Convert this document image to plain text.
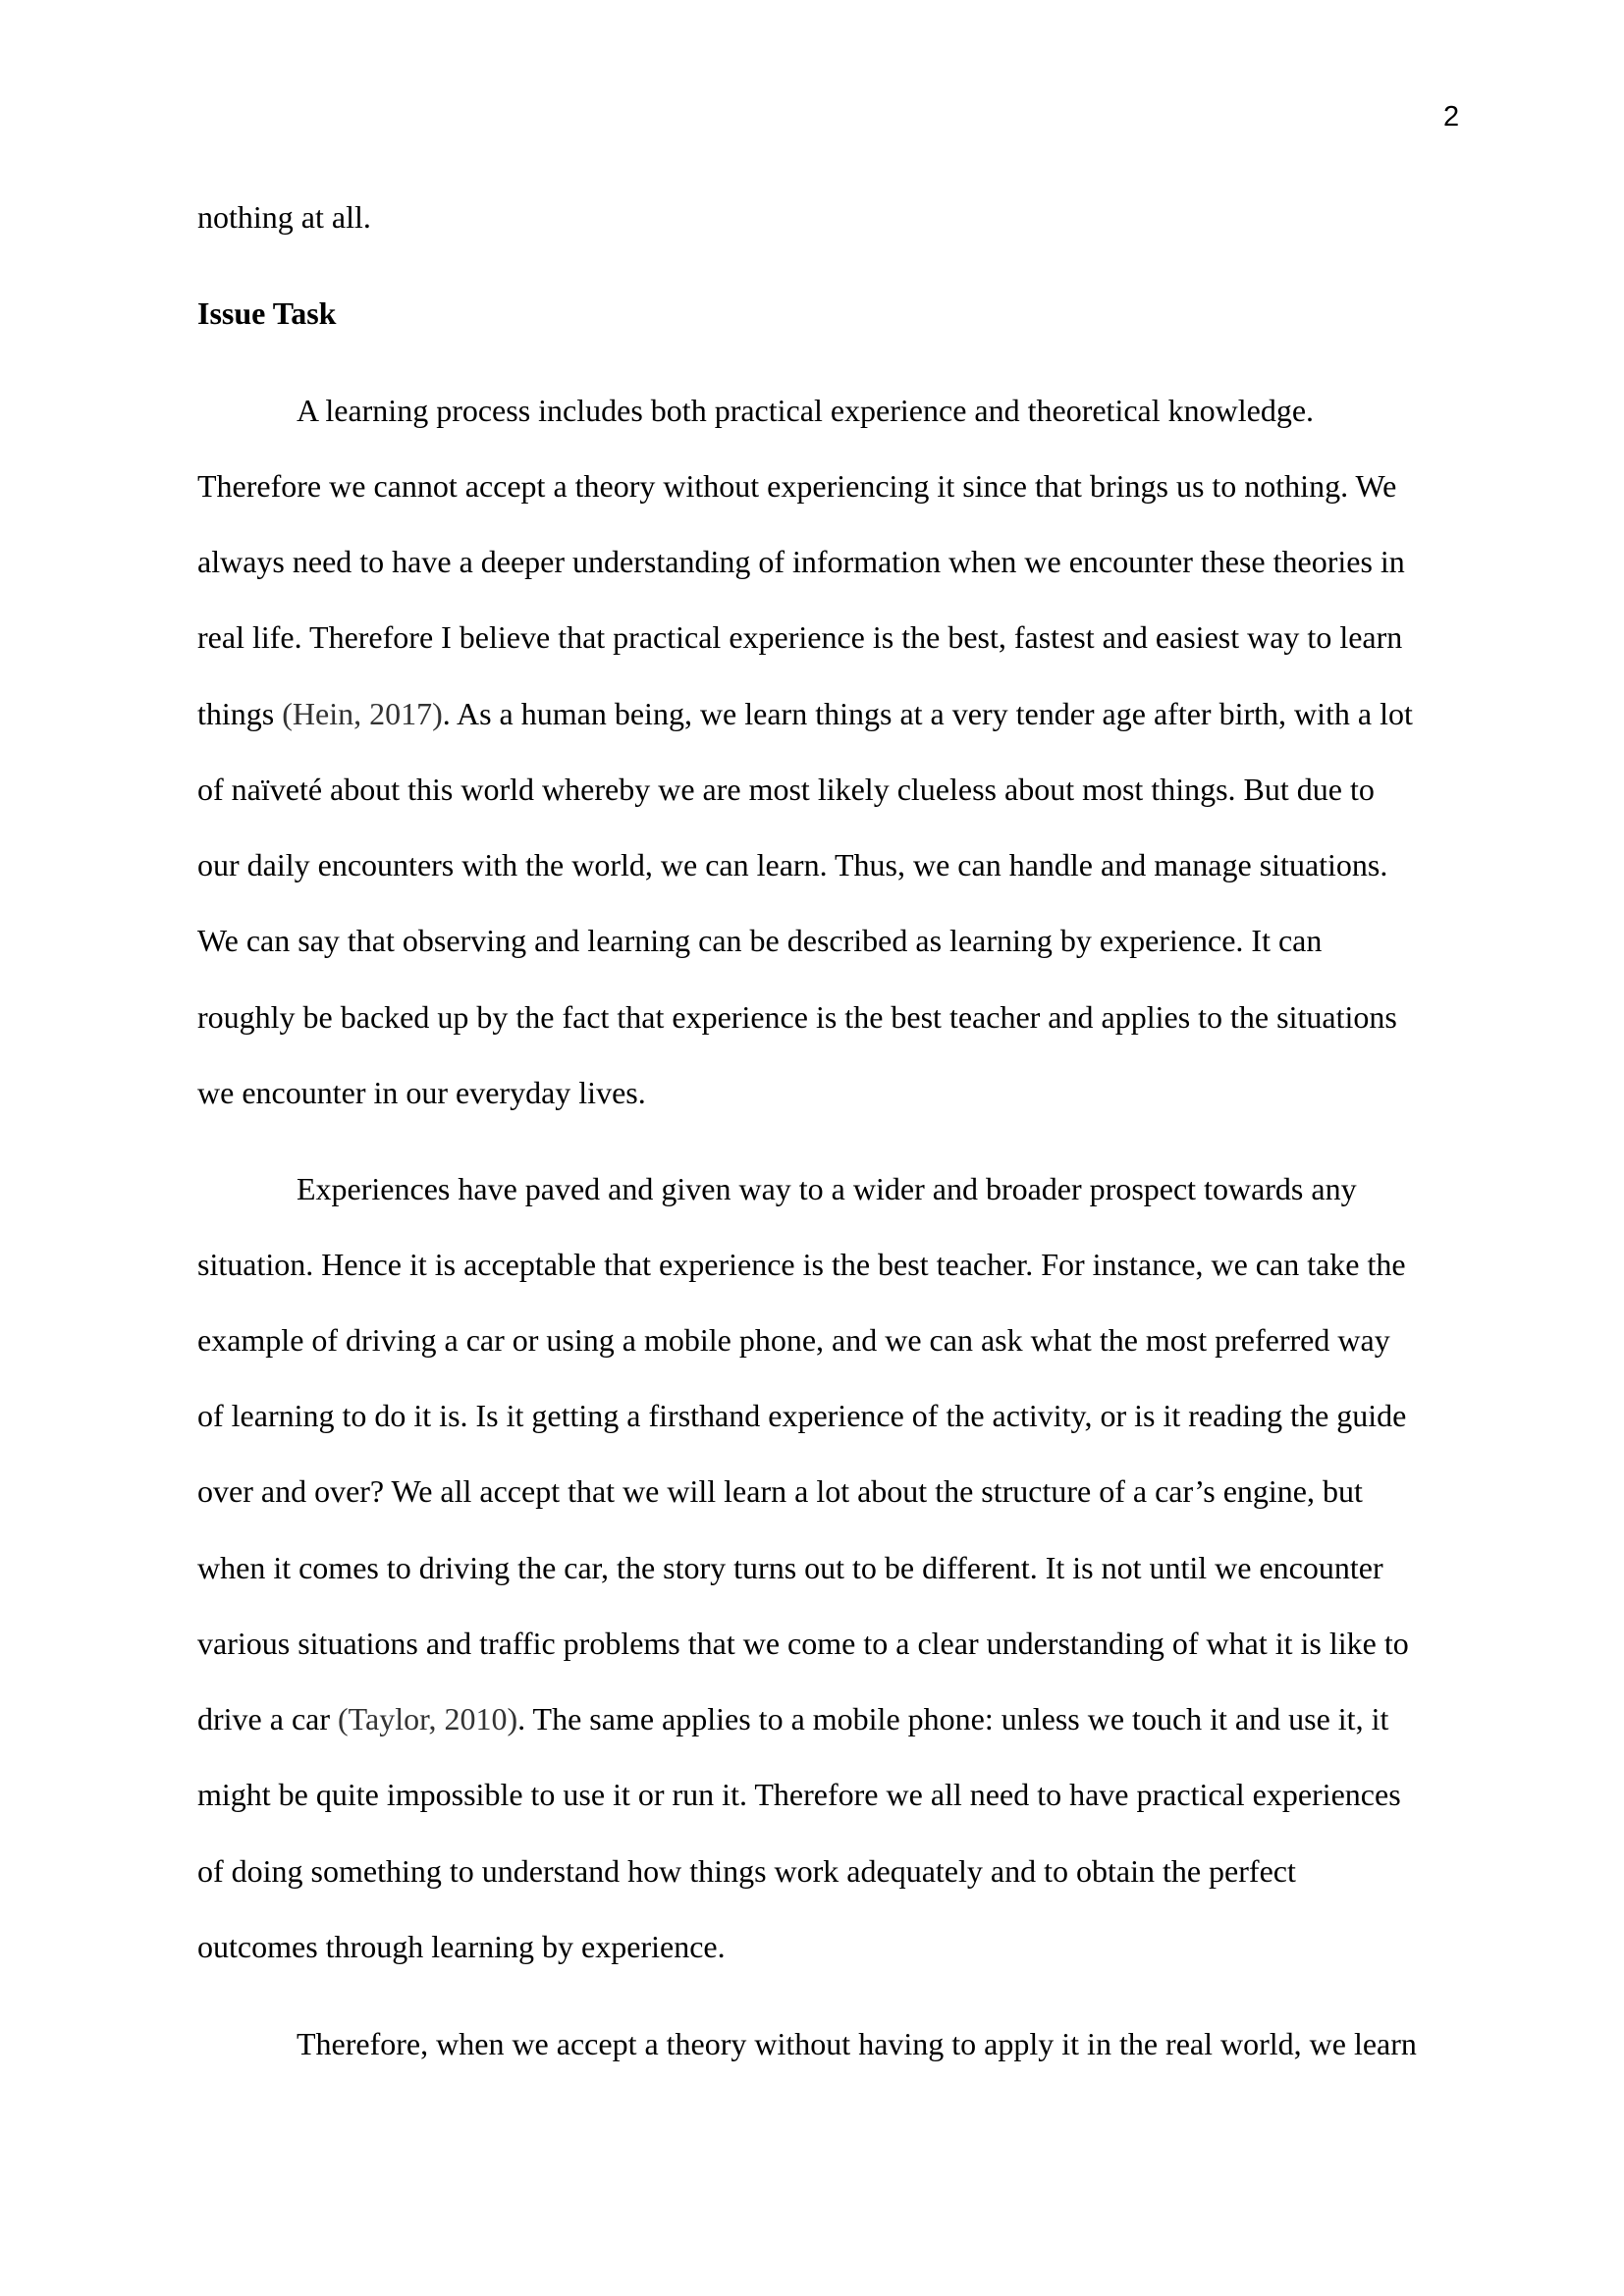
2
nothing at all.
Issue Task
A learning process includes both practical experience and theoretical knowledge.
Therefore we cannot accept a theory without experiencing it since that brings us to nothing. We
always need to have a deeper understanding of information when we encounter these theories in
real life. Therefore I believe that practical experience is the best, fastest and easiest way to learn
things (Hein, 2017). As a human being, we learn things at a very tender age after birth, with a lot
of naïveté about this world whereby we are most likely clueless about most things. But due to
our daily encounters with the world, we can learn. Thus, we can handle and manage situations.
We can say that observing and learning can be described as learning by experience. It can
roughly be backed up by the fact that experience is the best teacher and applies to the situations
we encounter in our everyday lives.
Experiences have paved and given way to a wider and broader prospect towards any
situation. Hence it is acceptable that experience is the best teacher. For instance, we can take the
example of driving a car or using a mobile phone, and we can ask what the most preferred way
of learning to do it is. Is it getting a firsthand experience of the activity, or is it reading the guide
over and over? We all accept that we will learn a lot about the structure of a car’s engine, but
when it comes to driving the car, the story turns out to be different. It is not until we encounter
various situations and traffic problems that we come to a clear understanding of what it is like to
drive a car (Taylor, 2010). The same applies to a mobile phone: unless we touch it and use it, it
might be quite impossible to use it or run it. Therefore we all need to have practical experiences
of doing something to understand how things work adequately and to obtain the perfect
outcomes through learning by experience.
Therefore, when we accept a theory without having to apply it in the real world, we learn
